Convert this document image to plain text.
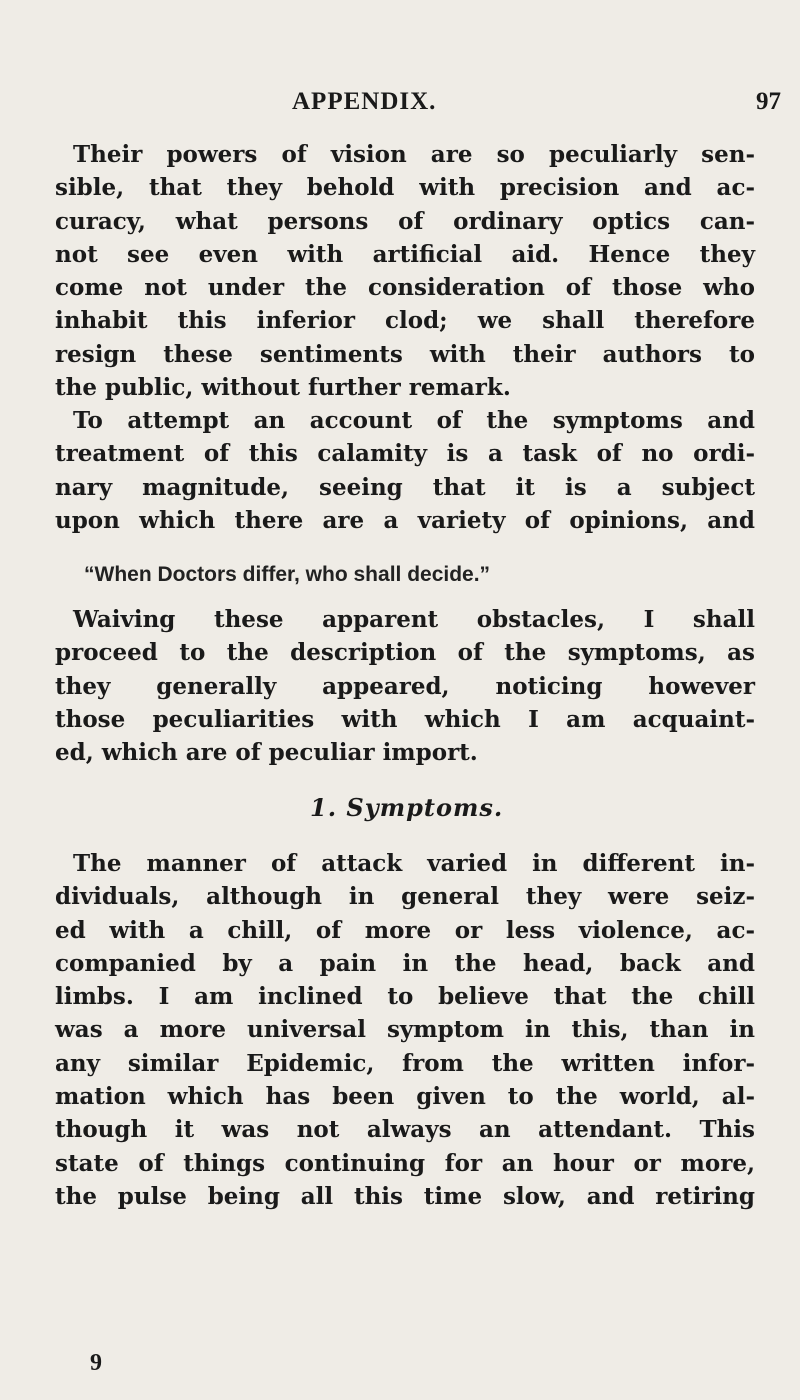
APPENDIX.	97
Their powers of vision are so peculiarly sen-
sible, that they behold with precision and ac-
curacy, what persons of ordinary optics can-
not see even with artificial aid. Hence they
come not under the consideration of those who
inhabit this inferior clod; we shall therefore
resign these sentiments with their authors to
the public, without further remark.
To attempt an account of the symptoms and
treatment of this calamity is a task of no ordi-
nary magnitude, seeing that it is a subject
upon which there are a variety of opinions, and
“When Doctors differ, who shall decide.”
Waiving these apparent obstacles, I shall
proceed to the description of the symptoms, as
they generally appeared, noticing however
those peculiarities with which I am acquaint-
ed, which are of peculiar import.
1. Symptoms.
The manner of attack varied in different in-
dividuals, although in general they were seiz-
ed with a chill, of more or less violence, ac-
companied by a pain in the head, back and
limbs. I am inclined to believe that the chill
was a more universal symptom in this, than in
any similar Epidemic, from the written infor-
mation which has been given to the world, al-
though it was not always an attendant. This
state of things continuing for an hour or more,
the pulse being all this time slow, and retiring
9
